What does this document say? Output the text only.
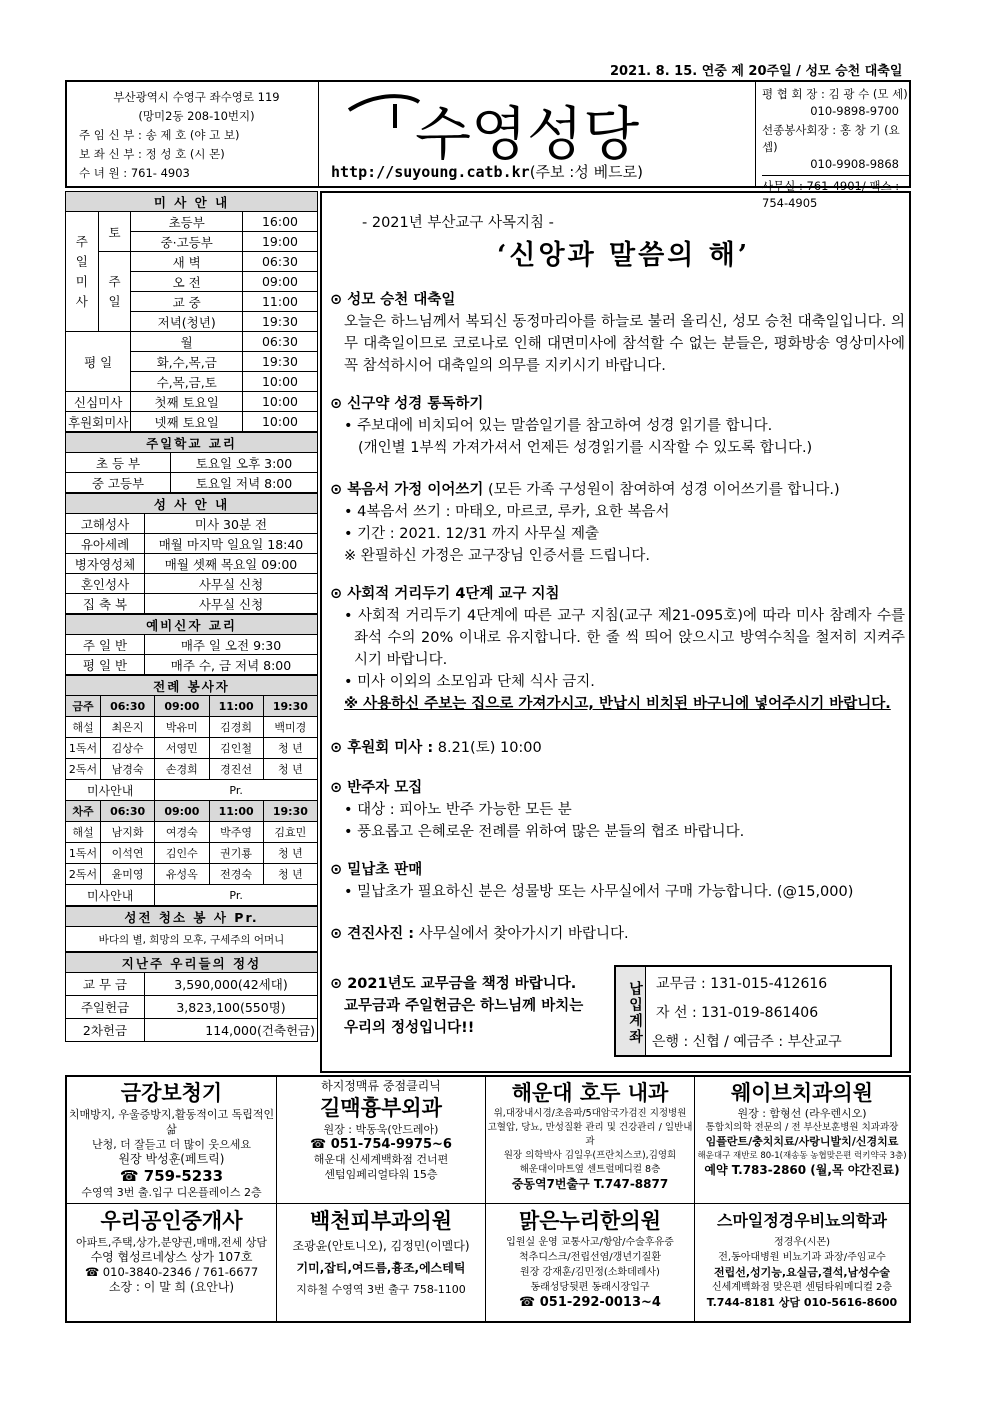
2021. 8. 15. 연중 제 20주일 / 성모 승천 대축일
부산광역시 수영구 좌수영로 119
(망미2동 208-10번지)
주 임 신 부 : 송 제 호 (야 고 보)
보 좌 신 부 : 정 성 호 (시 몬)
수 녀 원 : 761- 4903
수영성당
http://suyoung.catb.kr(주보 :성 베드로)
평 협 회 장 : 김 광 수 (모 세)
010-9898-9700
선종봉사회장 : 홍 창 기 (요 셉)
010-9908-9868
사무실 : 761-4901/ 팩스 : 754-4905
미 사 안 내			
주
일
미
사	토	초등부	16:00
		중·고등부	19:00
	주
일	새 벽	06:30
		오 전	09:00
		교 중	11:00
		저녁(청년)	19:30
평 일		월	06:30
		화,수,목,금	19:30
		수,목,금,토	10:00
신심미사		첫째 토요일	10:00
후원회미사		넷째 토요일	10:00
주일학교 교리	
초 등 부	토요일 오후 3:00
중 고등부	토요일 저녁 8:00
성 사 안 내	
고해성사	미사 30분 전
유아세례	매월 마지막 일요일 18:40
병자영성체	매월 셋째 목요일 09:00
혼인성사	사무실 신청
집 축 복	사무실 신청
예비신자 교리	
주 일 반	매주 일 오전 9:30
평 일 반	매주 수, 금 저녁 8:00
전례 봉사자				
금주	06:30	09:00	11:00	19:30
해설	최은지	박유미	김경희	백미경
1독서	김상수	서영민	김인철	청 년
2독서	남경숙	손경희	경진선	청 년
미사안내		Pr.		
차주	06:30	09:00	11:00	19:30
해설	남지화	여경숙	박주영	김효민
1독서	이석연	김인수	권기룡	청 년
2독서	윤미영	유성옥	전경숙	청 년
미사안내		Pr.		
성전 청소 봉 사 Pr.
바다의 별, 희망의 모후, 구세주의 어머니
지난주 우리들의 정성	
교 무 금	3,590,000(42세대)
주일헌금	3,823,100(550명)
2차헌금	114,000(건축헌금)
- 2021년 부산교구 사목지침 -
‘신앙과 말씀의 해’
⊙ 성모 승천 대축일
오늘은 하느님께서 복되신 동정마리아를 하늘로 불러 올리신, 성모 승천 대축일입니다. 의무 대축일이므로 코로나로 인해 대면미사에 참석할 수 없는 분들은, 평화방송 영상미사에 꼭 참석하시어 대축일의 의무를 지키시기 바랍니다.
⊙ 신구약 성경 통독하기
• 주보대에 비치되어 있는 말씀일기를 참고하여 성경 읽기를 합니다.
(개인별 1부씩 가져가셔서 언제든 성경읽기를 시작할 수 있도록 합니다.)
⊙ 복음서 가정 이어쓰기 (모든 가족 구성원이 참여하여 성경 이어쓰기를 합니다.)
• 4복음서 쓰기 : 마태오, 마르코, 루카, 요한 복음서
• 기간 : 2021. 12/31 까지 사무실 제출
※ 완필하신 가정은 교구장님 인증서를 드립니다.
⊙ 사회적 거리두기 4단계 교구 지침
• 사회적 거리두기 4단계에 따른 교구 지침(교구 제21-095호)에 따라 미사 참례자 수를 좌석 수의 20% 이내로 유지합니다. 한 줄 씩 띄어 앉으시고 방역수칙을 철저히 지켜주시기 바랍니다.
• 미사 이외의 소모임과 단체 식사 금지.
※ 사용하신 주보는 집으로 가져가시고, 반납시 비치된 바구니에 넣어주시기 바랍니다.
⊙ 후원회 미사 : 8.21(토) 10:00
⊙ 반주자 모집
• 대상 : 피아노 반주 가능한 모든 분
• 풍요롭고 은혜로운 전례를 위하여 많은 분들의 협조 바랍니다.
⊙ 밀납초 판매
• 밀납초가 필요하신 분은 성물방 또는 사무실에서 구매 가능합니다. (@15,000)
⊙ 견진사진 : 사무실에서 찾아가시기 바랍니다.
⊙ 2021년도 교무금을 책정 바랍니다.
교무금과 주일헌금은 하느님께 바치는
우리의 정성입니다!!	납입계좌 교무금 : 131-015-412616
자 선 : 131-019-861406
은행 : 신협 / 예금주 : 부산교구
금강보청기
치매방지, 우울증방지,활동적이고 독립적인 삶
난청, 더 잘듣고 더 많이 웃으세요
원장 박성훈(페트릭)
☎ 759-5233
수영역 3번 출.입구 디온플레이스 2층
하지정맥류 중점클리닉
길맥흉부외과
원장 : 박동욱(안드레아)
☎ 051-754-9975~6
해운대 신세계백화점 건너편
센텀임페리얼타워 15층
해운대 호두 내과
위,대장내시경/초음파/5대암국가검진 지정병원
고혈압, 당뇨, 만성질환 관리 및 건강관리 / 일반내과
원장 의학박사 김일우(프란치스코),김영희
해운대이마트옆 센트럴메디컬 8층
중동역7번출구 T.747-8877
웨이브치과의원
원장 : 함형선 (라우렌시오)
통합치의학 전문의 / 전 부산보훈병원 치과과장
임플란트/충치치료/사랑니발치/신경치료
해운대구 재반로 80-1(재송동 농협맞은편 럭키약국 3층)
예약 T.783-2860 (월,목 야간진료)
우리공인중개사
아파트,주택,상가,분양권,매매,전세 상담
수영 협성르네상스 상가 107호
☎ 010-3840-2346 / 761-6677
소장 : 이 말 희 (요안나)
백천피부과의원
조광윤(안토니오), 김정민(이멜다)
기미,잡티,여드름,흉조,에스테틱
지하철 수영역 3번 출구 758-1100
맑은누리한의원
입원실 운영 교통사고/항암/수술후유증
척추디스크/전립선염/갱년기질환
원장 강재훈/김민정(소화데레사)
동래성당뒷편 동래시장입구
☎ 051-292-0013~4
스마일정경우비뇨의학과
정경우(시몬)
전,동아대병원 비뇨기과 과장/주임교수
전립선,성기능,요실금,결석,남성수술
신세계백화점 맞은편 센텀타워메디컬 2층
T.744-8181 상담 010-5616-8600
